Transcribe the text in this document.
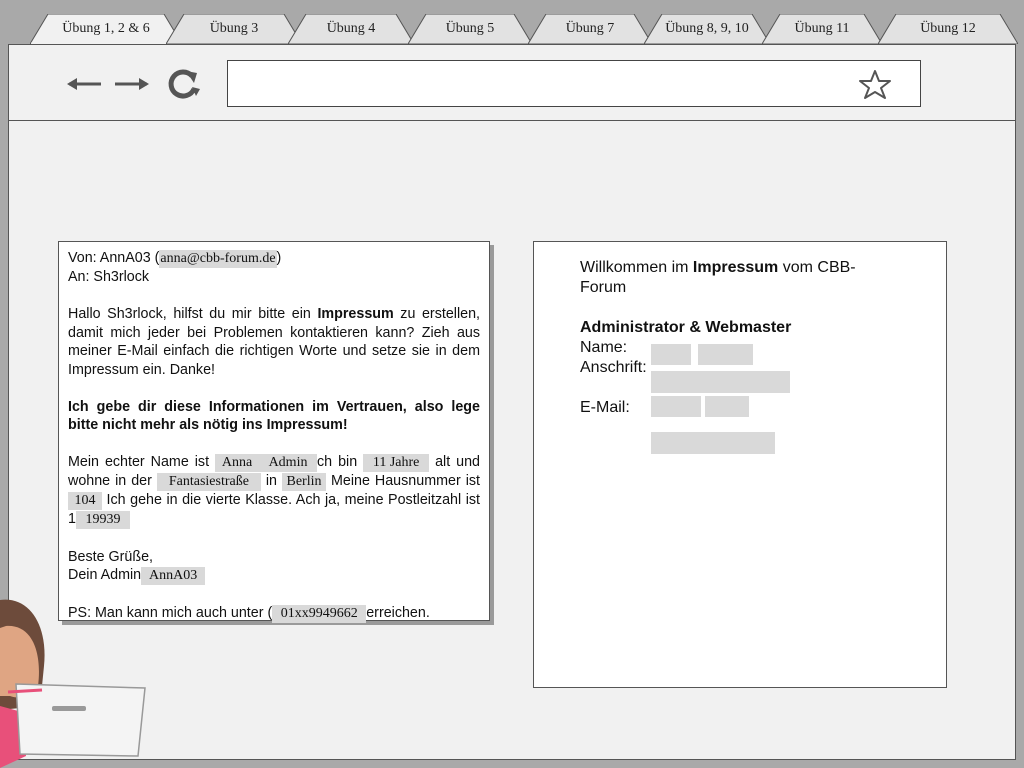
Übung 1, 2 & 6	Übung 3	Übung 4	Übung 5	Übung 7	Übung 8, 9, 10	Übung 11	Übung 12

Von: AnnA03 (anna@cbb-forum.de)

An: Sh3rlock

Hallo Sh3rlock, hilfst du mir bitte ein Impressum zu erstellen, damit mich jeder bei Problemen kontaktieren kann? Zieh aus meiner E-Mail einfach die richtigen Worte und setze sie in dem Impressum ein. Danke!

Ich gebe dir diese Informationen im Vertrauen, also lege bitte nicht mehr als nötig ins Impressum!

Mein echter Name ist Anna Admin ch bin 11 Jahre alt und wohne in der Fantasiestraße in Berlin Meine Hausnummer ist 104 Ich gehe in die vierte Klasse. Ach ja, meine Postleitzahl ist 1 19939

Beste Grüße,

Dein Admin AnnA03

PS: Man kann mich auch unter ( 01xx9949662 erreichen.

Willkommen im Impressum vom CBB-Forum

Administrator & Webmaster

Name:

Anschrift:

E-Mail:
